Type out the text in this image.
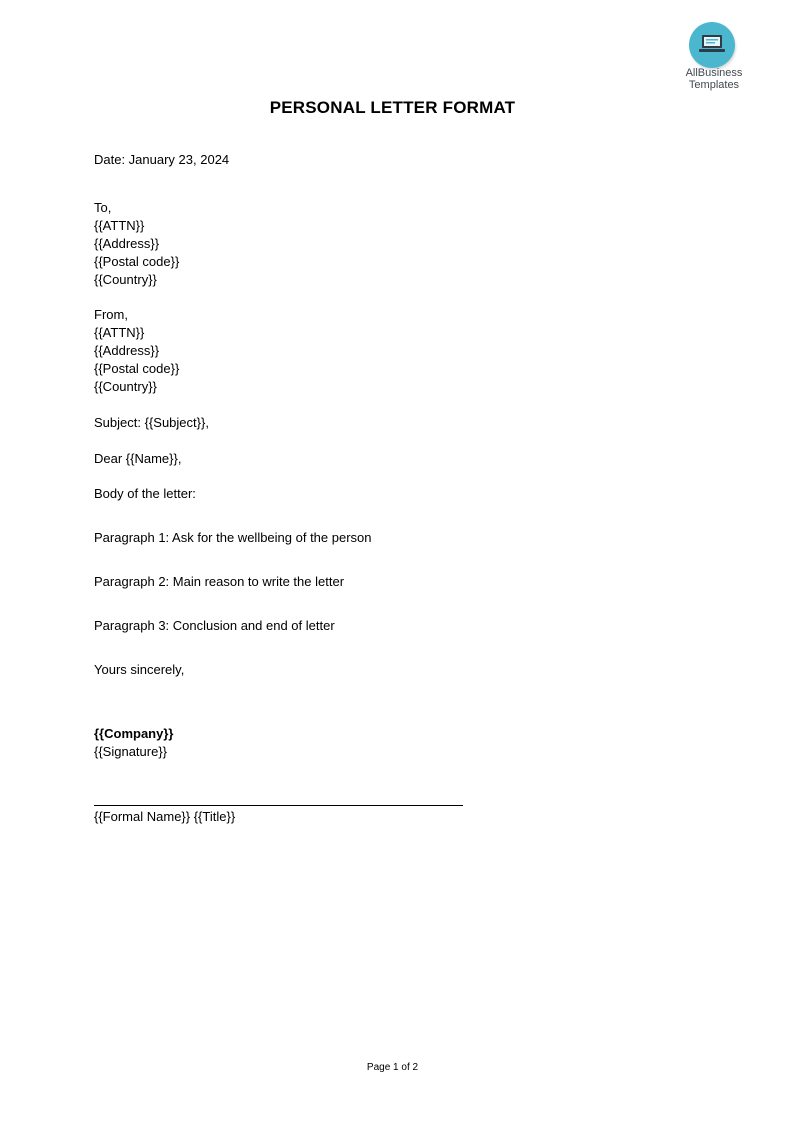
AllBusiness
Templates
PERSONAL LETTER FORMAT
Date: January 23, 2024
To,
{{ATTN}}
{{Address}}
{{Postal code}}
{{Country}}
From,
{{ATTN}}
{{Address}}
{{Postal code}}
{{Country}}
Subject: {{Subject}},
Dear {{Name}},
Body of the letter:
Paragraph 1: Ask for the wellbeing of the person
Paragraph 2: Main reason to write the letter
Paragraph 3: Conclusion and end of letter
Yours sincerely,
{{Company}}
{{Signature}}
{{Formal Name}} {{Title}}
Page 1 of 2
